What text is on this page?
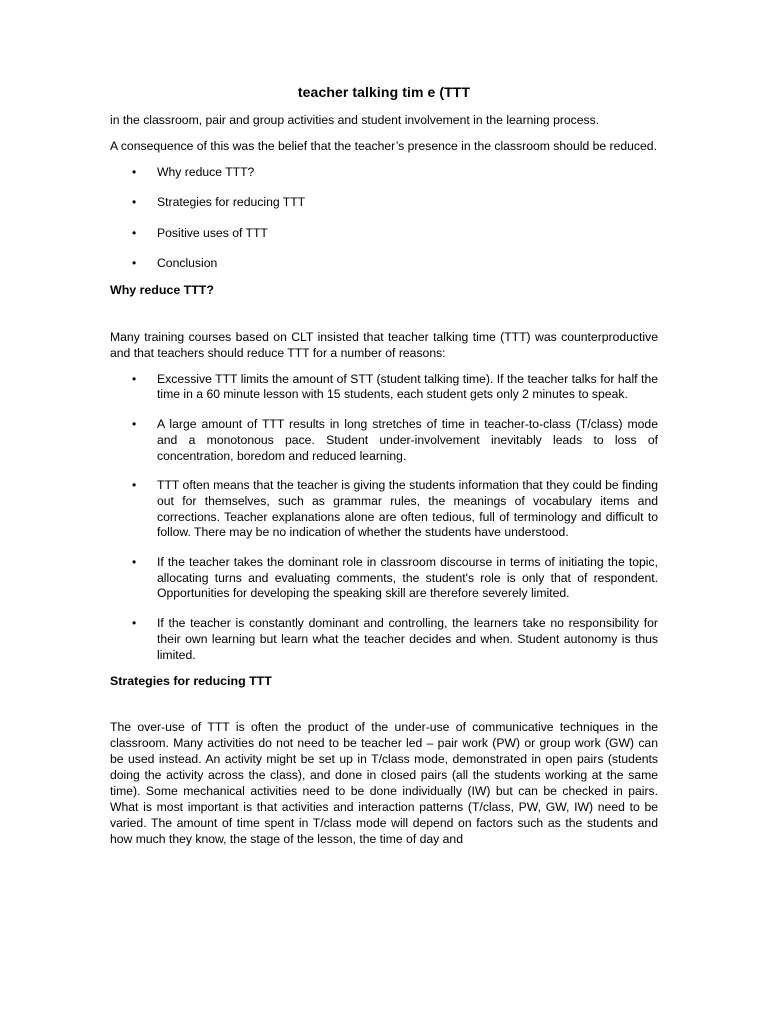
teacher talking tim e (TTT

in the classroom, pair and group activities and student involvement in the learning process.

A consequence of this was the belief that the teacher’s presence in the classroom should be reduced.

• Why reduce TTT?
• Strategies for reducing TTT
• Positive uses of TTT
• Conclusion
Why reduce TTT?

Many training courses based on CLT insisted that teacher talking time (TTT) was counterproductive and that teachers should reduce TTT for a number of reasons:

• Excessive TTT limits the amount of STT (student talking time). If the teacher talks for half the time in a 60 minute lesson with 15 students, each student gets only 2 minutes to speak.
• A large amount of TTT results in long stretches of time in teacher-to-class (T/class) mode and a monotonous pace. Student under-involvement inevitably leads to loss of concentration, boredom and reduced learning.
• TTT often means that the teacher is giving the students information that they could be finding out for themselves, such as grammar rules, the meanings of vocabulary items and corrections. Teacher explanations alone are often tedious, full of terminology and difficult to follow. There may be no indication of whether the students have understood.
• If the teacher takes the dominant role in classroom discourse in terms of initiating the topic, allocating turns and evaluating comments, the student's role is only that of respondent. Opportunities for developing the speaking skill are therefore severely limited.
• If the teacher is constantly dominant and controlling, the learners take no responsibility for their own learning but learn what the teacher decides and when. Student autonomy is thus limited.
Strategies for reducing TTT

The over-use of TTT is often the product of the under-use of communicative techniques in the classroom. Many activities do not need to be teacher led – pair work (PW) or group work (GW) can be used instead. An activity might be set up in T/class mode, demonstrated in open pairs (students doing the activity across the class), and done in closed pairs (all the students working at the same time). Some mechanical activities need to be done individually (IW) but can be checked in pairs. What is most important is that activities and interaction patterns (T/class, PW, GW, IW) need to be varied. The amount of time spent in T/class mode will depend on factors such as the students and how much they know, the stage of the lesson, the time of day and
